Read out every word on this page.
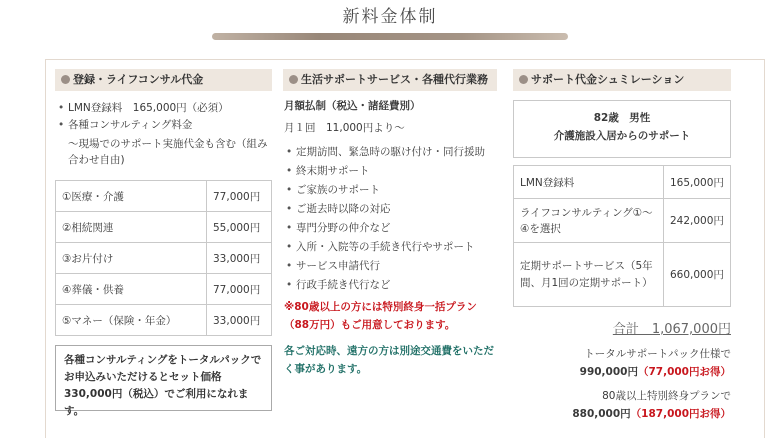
新料金体制
登録・ライフコンサル代金
• LMN登録料　165,000円（必須）
• 各種コンサルティング料金
～現場でのサポート実施代金も含む（組み合わせ自由)
①医療・介護	77,000円
②相続関連	55,000円
③お片付け	33,000円
④葬儀・供養	77,000円
⑤マネー（保険・年金）	33,000円
各種コンサルティングをトータルパックでお申込みいただけるとセット価格330,000円（税込）でご利用になれます。
生活サポートサービス・各種代行業務
月額払制（税込・諸経費別）
月１回　11,000円より～
• 定期訪問、緊急時の駆け付け・同行援助
• 終末期サポート
• ご家族のサポート
• ご逝去時以降の対応
• 専門分野の仲介など
• 入所・入院等の手続き代行やサポート
• サービス申請代行
• 行政手続き代行など
※80歳以上の方には特別終身一括プラン（88万円）もご用意しております。
各ご対応時、遠方の方は別途交通費をいただく事があります。
サポート代金シュミレーション
82歳　男性
介護施設入居からのサポート
LMN登録料	165,000円
ライフコンサルティング①～④を選択	242,000円
定期サポートサービス（5年間、月1回の定期サポート）	660,000円
合計　1,067,000円
トータルサポートパック仕様で
990,000円（77,000円お得）
80歳以上特別終身プランで
880,000円（187,000円お得）
